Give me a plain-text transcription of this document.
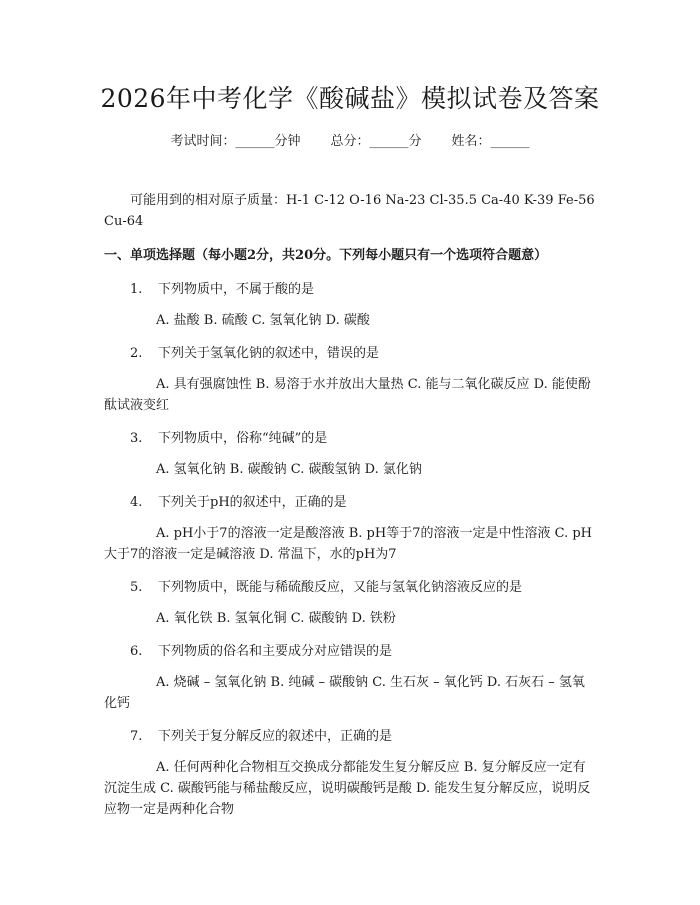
2026年中考化学《酸碱盐》模拟试卷及答案
考试时间：______分钟 总分：______分 姓名：______

可能用到的相对原子质量：H-1 C-12 O-16 Na-23 Cl-35.5 Ca-40 K-39 Fe-56 Cu-64

一、单项选择题（每小题2分，共20分。下列每小题只有一个选项符合题意）

1. 下列物质中，不属于酸的是

A. 盐酸 B. 硫酸 C. 氢氧化钠 D. 碳酸

2. 下列关于氢氧化钠的叙述中，错误的是

A. 具有强腐蚀性 B. 易溶于水并放出大量热 C. 能与二氧化碳反应 D. 能使酚酞试液变红

3. 下列物质中，俗称“纯碱”的是

A. 氢氧化钠 B. 碳酸钠 C. 碳酸氢钠 D. 氯化钠

4. 下列关于pH的叙述中，正确的是

A. pH小于7的溶液一定是酸溶液 B. pH等于7的溶液一定是中性溶液 C. pH大于7的溶液一定是碱溶液 D. 常温下，水的pH为7

5. 下列物质中，既能与稀硫酸反应，又能与氢氧化钠溶液反应的是

A. 氧化铁 B. 氢氧化铜 C. 碳酸钠 D. 铁粉

6. 下列物质的俗名和主要成分对应错误的是

A. 烧碱 – 氢氧化钠 B. 纯碱 – 碳酸钠 C. 生石灰 – 氧化钙 D. 石灰石 – 氢氧化钙

7. 下列关于复分解反应的叙述中，正确的是

A. 任何两种化合物相互交换成分都能发生复分解反应 B. 复分解反应一定有沉淀生成 C. 碳酸钙能与稀盐酸反应，说明碳酸钙是酸 D. 能发生复分解反应，说明反应物一定是两种化合物
